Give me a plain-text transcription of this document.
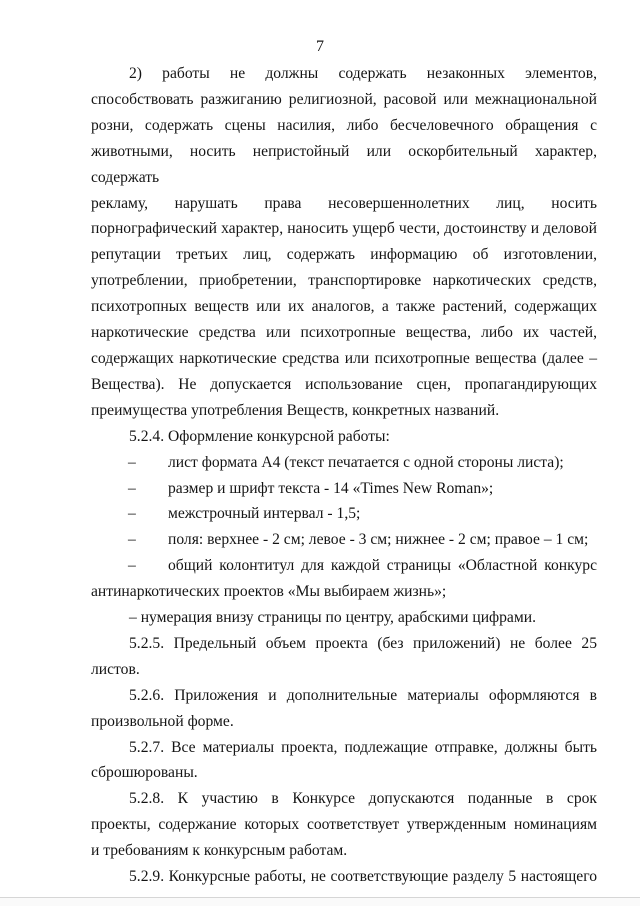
7

2) работы не должны содержать незаконных элементов,

способствовать разжиганию религиозной, расовой или межнациональной

розни, содержать сцены насилия, либо бесчеловечного обращения с

животными, носить непристойный или оскорбительный характер, содержать

рекламу, нарушать права несовершеннолетних лиц, носить

порнографический характер, наносить ущерб чести, достоинству и деловой

репутации третьих лиц, содержать информацию об изготовлении,

употреблении, приобретении, транспортировке наркотических средств,

психотропных веществ или их аналогов, а также растений, содержащих

наркотические средства или психотропные вещества, либо их частей,

содержащих наркотические средства или психотропные вещества (далее –

Вещества). Не допускается использование сцен, пропагандирующих

преимущества употребления Веществ, конкретных названий.

5.2.4. Оформление конкурсной работы:

– лист формата А4 (текст печатается с одной стороны листа);

– размер и шрифт текста - 14 «Times New Roman»;

– межстрочный интервал - 1,5;

– поля: верхнее - 2 см; левое - 3 см; нижнее - 2 см; правое – 1 см;

– общий колонтитул для каждой страницы «Областной конкурс

антинаркотических проектов «Мы выбираем жизнь»;

– нумерация внизу страницы по центру, арабскими цифрами.

5.2.5. Предельный объем проекта (без приложений) не более 25 листов.

5.2.6. Приложения и дополнительные материалы оформляются в

произвольной форме.

5.2.7. Все материалы проекта, подлежащие отправке, должны быть

сброшюрованы.

5.2.8. К участию в Конкурсе допускаются поданные в срок

проекты, содержание которых соответствует утвержденным номинациям

и требованиям к конкурсным работам.

5.2.9. Конкурсные работы, не соответствующие разделу 5 настоящего
